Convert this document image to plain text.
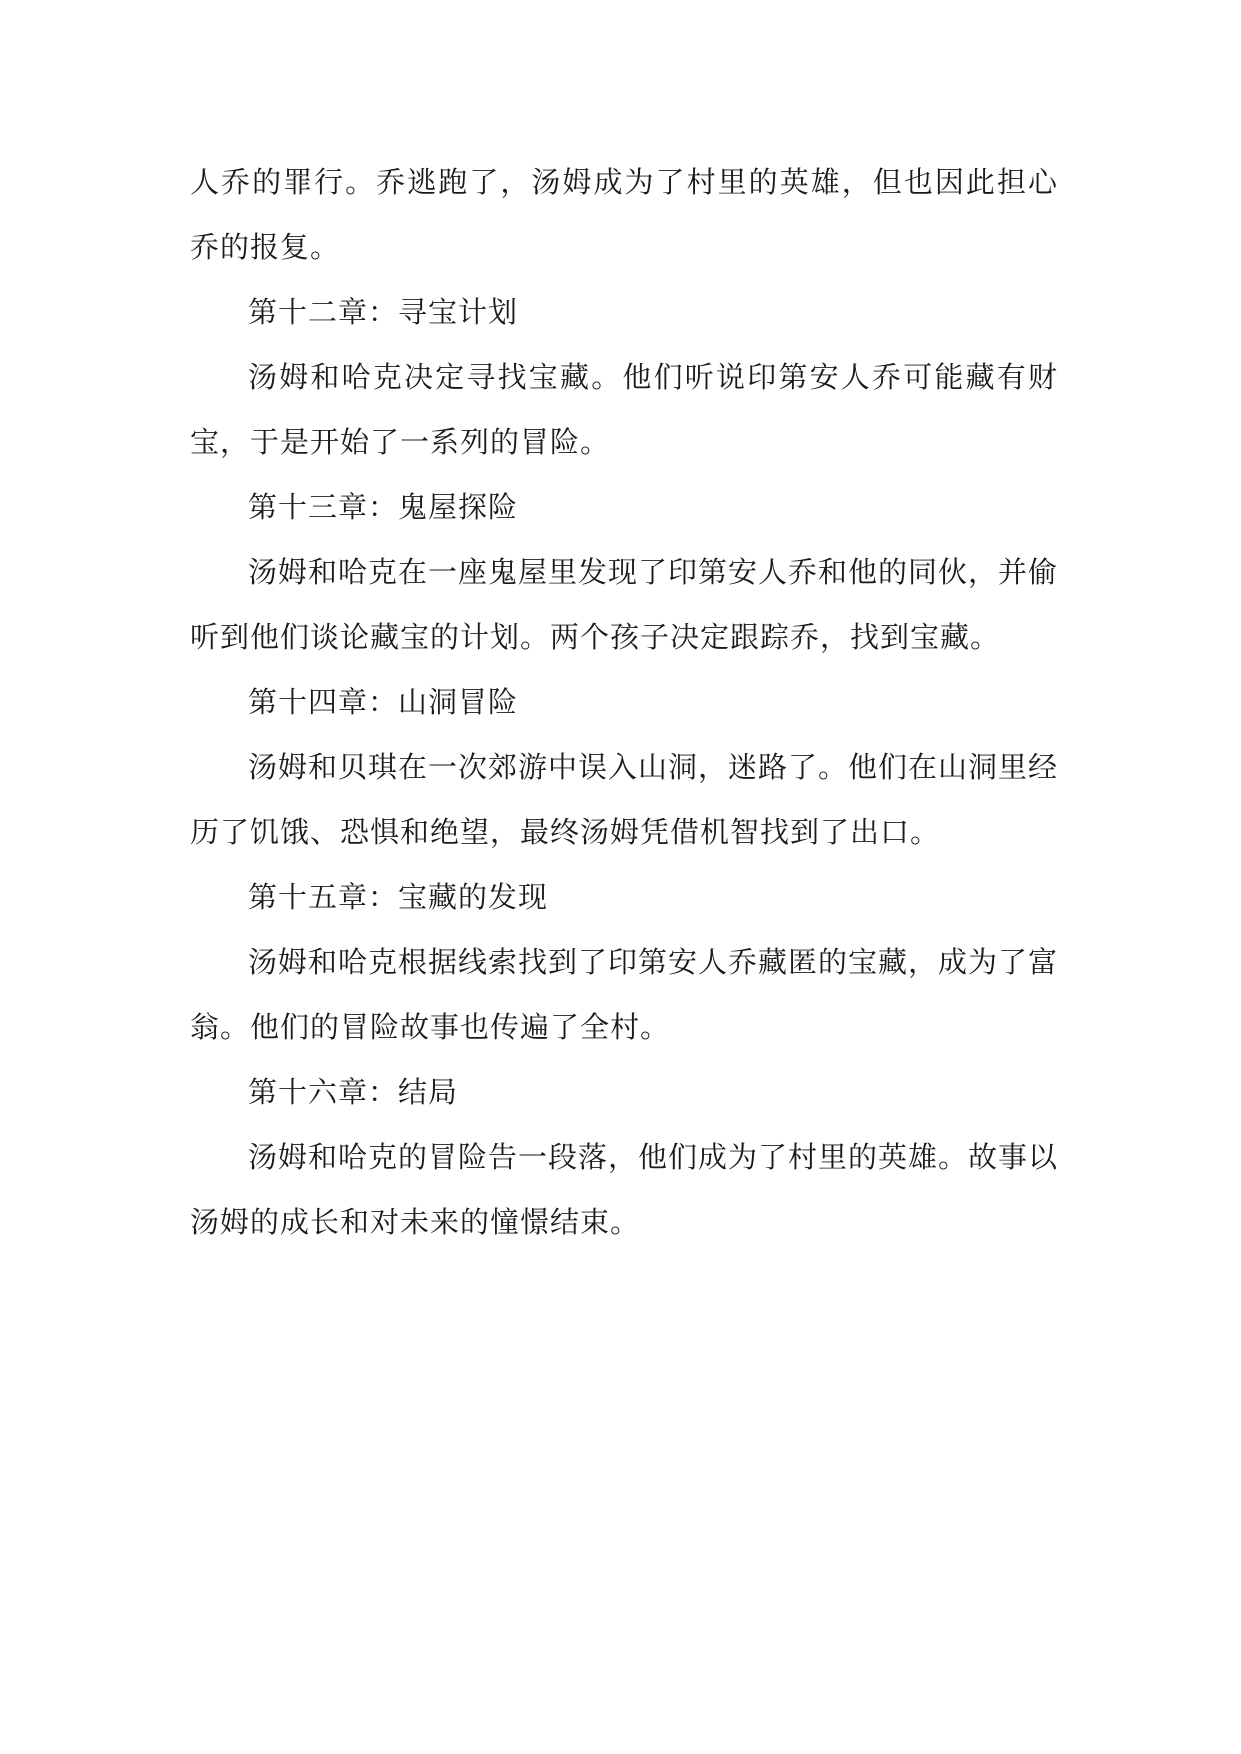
人乔的罪行。乔逃跑了，汤姆成为了村里的英雄，但也因此担心乔的报复。

第十二章：寻宝计划

汤姆和哈克决定寻找宝藏。他们听说印第安人乔可能藏有财宝，于是开始了一系列的冒险。

第十三章：鬼屋探险

汤姆和哈克在一座鬼屋里发现了印第安人乔和他的同伙，并偷听到他们谈论藏宝的计划。两个孩子决定跟踪乔，找到宝藏。

第十四章：山洞冒险

汤姆和贝琪在一次郊游中误入山洞，迷路了。他们在山洞里经历了饥饿、恐惧和绝望，最终汤姆凭借机智找到了出口。

第十五章：宝藏的发现

汤姆和哈克根据线索找到了印第安人乔藏匿的宝藏，成为了富翁。他们的冒险故事也传遍了全村。

第十六章：结局

汤姆和哈克的冒险告一段落，他们成为了村里的英雄。故事以汤姆的成长和对未来的憧憬结束。
